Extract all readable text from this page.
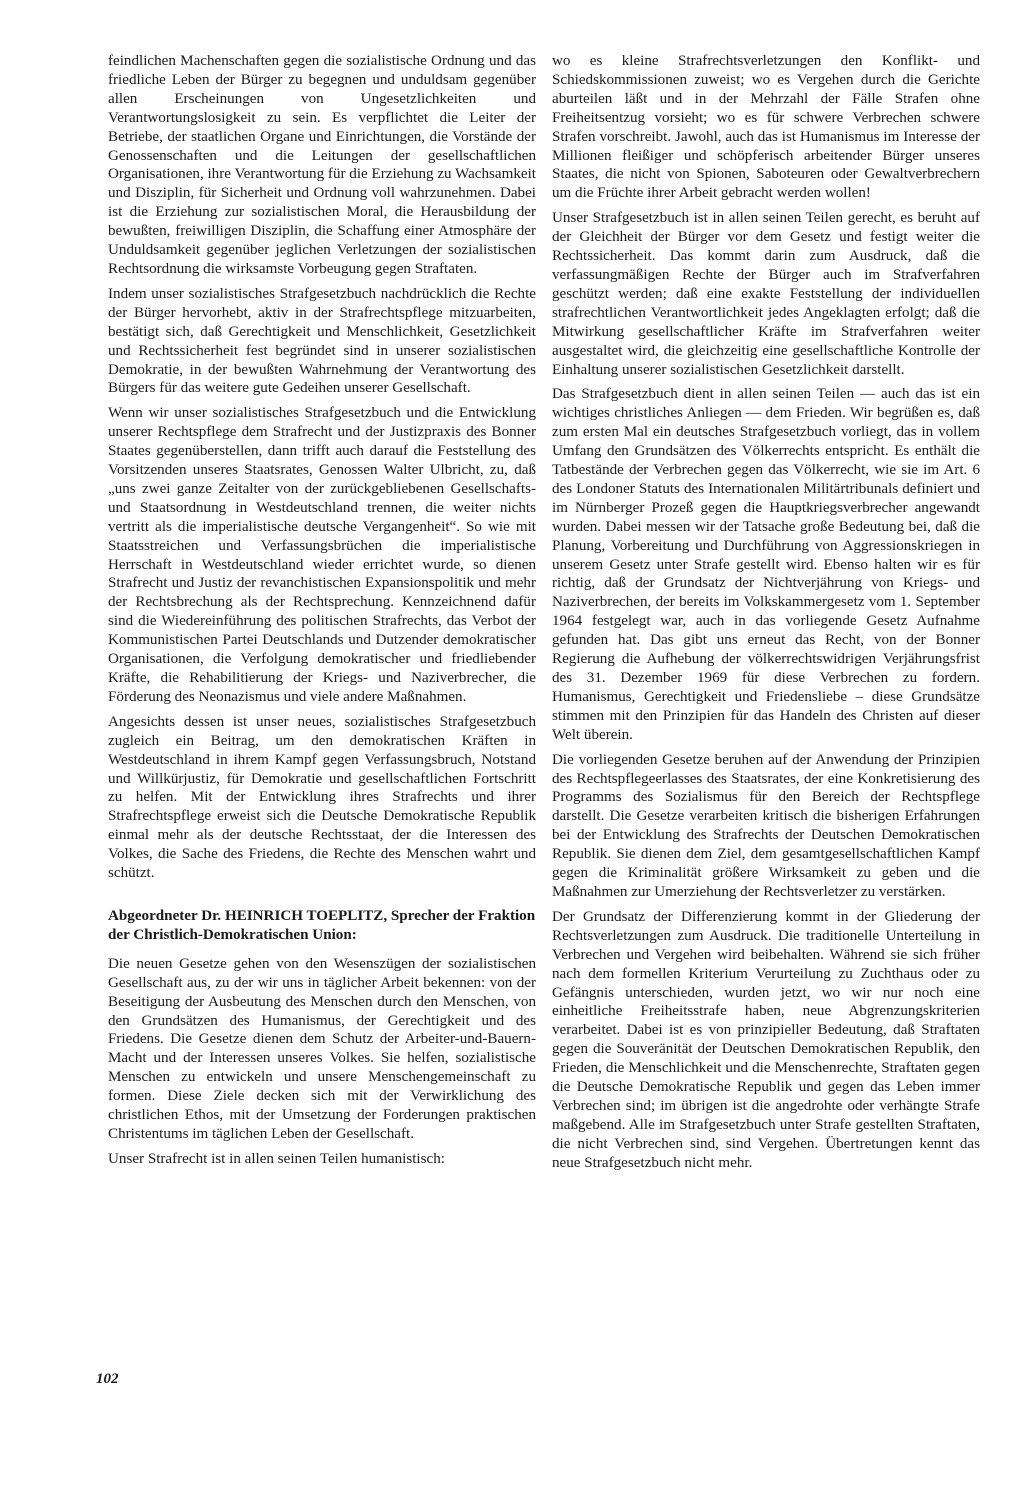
feindlichen Machenschaften gegen die sozialistische Ordnung und das friedliche Leben der Bürger zu begegnen und unduldsam gegenüber allen Erscheinungen von Ungesetzlichkeiten und Verantwortungslosigkeit zu sein. Es verpflichtet die Leiter der Betriebe, der staatlichen Organe und Einrichtungen, die Vorstände der Genossenschaften und die Leitungen der gesellschaftlichen Organisationen, ihre Verantwortung für die Erziehung zu Wachsamkeit und Disziplin, für Sicherheit und Ordnung voll wahrzunehmen. Dabei ist die Erziehung zur sozialistischen Moral, die Herausbildung der bewußten, freiwilligen Disziplin, die Schaffung einer Atmosphäre der Unduldsamkeit gegenüber jeglichen Verletzungen der sozialistischen Rechtsordnung die wirksamste Vorbeugung gegen Straftaten.

Indem unser sozialistisches Strafgesetzbuch nachdrücklich die Rechte der Bürger hervorhebt, aktiv in der Strafrechtspflege mitzuarbeiten, bestätigt sich, daß Gerechtigkeit und Menschlichkeit, Gesetzlichkeit und Rechtssicherheit fest begründet sind in unserer sozialistischen Demokratie, in der bewußten Wahrnehmung der Verantwortung des Bürgers für das weitere gute Gedeihen unserer Gesellschaft.

Wenn wir unser sozialistisches Strafgesetzbuch und die Entwicklung unserer Rechtspflege dem Strafrecht und der Justizpraxis des Bonner Staates gegenüberstellen, dann trifft auch darauf die Feststellung des Vorsitzenden unseres Staatsrates, Genossen Walter Ulbricht, zu, daß „uns zwei ganze Zeitalter von der zurückgebliebenen Gesellschafts- und Staatsordnung in Westdeutschland trennen, die weiter nichts vertritt als die imperialistische deutsche Vergangenheit“. So wie mit Staatsstreichen und Verfassungsbrüchen die imperialistische Herrschaft in Westdeutschland wieder errichtet wurde, so dienen Strafrecht und Justiz der revanchistischen Expansionspolitik und mehr der Rechtsbrechung als der Rechtsprechung. Kennzeichnend dafür sind die Wiedereinführung des politischen Strafrechts, das Verbot der Kommunistischen Partei Deutschlands und Dutzender demokratischer Organisationen, die Verfolgung demokratischer und friedliebender Kräfte, die Rehabilitierung der Kriegs- und Naziverbrecher, die Förderung des Neonazismus und viele andere Maßnahmen.

Angesichts dessen ist unser neues, sozialistisches Strafgesetzbuch zugleich ein Beitrag, um den demokratischen Kräften in Westdeutschland in ihrem Kampf gegen Verfassungsbruch, Notstand und Willkürjustiz, für Demokratie und gesellschaftlichen Fortschritt zu helfen. Mit der Entwicklung ihres Strafrechts und ihrer Strafrechtspflege erweist sich die Deutsche Demokratische Republik einmal mehr als der deutsche Rechtsstaat, der die Interessen des Volkes, die Sache des Friedens, die Rechte des Menschen wahrt und schützt.

Abgeordneter Dr. HEINRICH TOEPLITZ, Sprecher der Fraktion der Christlich-Demokratischen Union:

Die neuen Gesetze gehen von den Wesenszügen der sozialistischen Gesellschaft aus, zu der wir uns in täglicher Arbeit bekennen: von der Beseitigung der Ausbeutung des Menschen durch den Menschen, von den Grundsätzen des Humanismus, der Gerechtigkeit und des Friedens. Die Gesetze dienen dem Schutz der Arbeiter-und-Bauern-Macht und der Interessen unseres Volkes. Sie helfen, sozialistische Menschen zu entwickeln und unsere Menschengemeinschaft zu formen. Diese Ziele decken sich mit der Verwirklichung des christlichen Ethos, mit der Umsetzung der Forderungen praktischen Christentums im täglichen Leben der Gesellschaft.

Unser Strafrecht ist in allen seinen Teilen humanistisch:

wo es kleine Strafrechtsverletzungen den Konflikt- und Schiedskommissionen zuweist; wo es Vergehen durch die Gerichte aburteilen läßt und in der Mehrzahl der Fälle Strafen ohne Freiheitsentzug vorsieht; wo es für schwere Verbrechen schwere Strafen vorschreibt. Jawohl, auch das ist Humanismus im Interesse der Millionen fleißiger und schöpferisch arbeitender Bürger unseres Staates, die nicht von Spionen, Saboteuren oder Gewaltverbrechern um die Früchte ihrer Arbeit gebracht werden wollen!

Unser Strafgesetzbuch ist in allen seinen Teilen gerecht, es beruht auf der Gleichheit der Bürger vor dem Gesetz und festigt weiter die Rechtssicherheit. Das kommt darin zum Ausdruck, daß die verfassungmäßigen Rechte der Bürger auch im Strafverfahren geschützt werden; daß eine exakte Feststellung der individuellen strafrechtlichen Verantwortlichkeit jedes Angeklagten erfolgt; daß die Mitwirkung gesellschaftlicher Kräfte im Strafverfahren weiter ausgestaltet wird, die gleichzeitig eine gesellschaftliche Kontrolle der Einhaltung unserer sozialistischen Gesetzlichkeit darstellt.

Das Strafgesetzbuch dient in allen seinen Teilen — auch das ist ein wichtiges christliches Anliegen — dem Frieden. Wir begrüßen es, daß zum ersten Mal ein deutsches Strafgesetzbuch vorliegt, das in vollem Umfang den Grundsätzen des Völkerrechts entspricht. Es enthält die Tatbestände der Verbrechen gegen das Völkerrecht, wie sie im Art. 6 des Londoner Statuts des Internationalen Militärtribunals definiert und im Nürnberger Prozeß gegen die Hauptkriegsverbrecher angewandt wurden. Dabei messen wir der Tatsache große Bedeutung bei, daß die Planung, Vorbereitung und Durchführung von Aggressionskriegen in unserem Gesetz unter Strafe gestellt wird. Ebenso halten wir es für richtig, daß der Grundsatz der Nichtverjährung von Kriegs- und Naziverbrechen, der bereits im Volkskammergesetz vom 1. September 1964 festgelegt war, auch in das vorliegende Gesetz Aufnahme gefunden hat. Das gibt uns erneut das Recht, von der Bonner Regierung die Aufhebung der völkerrechtswidrigen Verjährungsfrist des 31. Dezember 1969 für diese Verbrechen zu fordern. Humanismus, Gerechtigkeit und Friedensliebe – diese Grundsätze stimmen mit den Prinzipien für das Handeln des Christen auf dieser Welt überein.

Die vorliegenden Gesetze beruhen auf der Anwendung der Prinzipien des Rechtspflegeerlasses des Staatsrates, der eine Konkretisierung des Programms des Sozialismus für den Bereich der Rechtspflege darstellt. Die Gesetze verarbeiten kritisch die bisherigen Erfahrungen bei der Entwicklung des Strafrechts der Deutschen Demokratischen Republik. Sie dienen dem Ziel, dem gesamtgesellschaftlichen Kampf gegen die Kriminalität größere Wirksamkeit zu geben und die Maßnahmen zur Umerziehung der Rechtsverletzer zu verstärken.

Der Grundsatz der Differenzierung kommt in der Gliederung der Rechtsverletzungen zum Ausdruck. Die traditionelle Unterteilung in Verbrechen und Vergehen wird beibehalten. Während sie sich früher nach dem formellen Kriterium Verurteilung zu Zuchthaus oder zu Gefängnis unterschieden, wurden jetzt, wo wir nur noch eine einheitliche Freiheitsstrafe haben, neue Abgrenzungskriterien verarbeitet. Dabei ist es von prinzipieller Bedeutung, daß Straftaten gegen die Souveränität der Deutschen Demokratischen Republik, den Frieden, die Menschlichkeit und die Menschenrechte, Straftaten gegen die Deutsche Demokratische Republik und gegen das Leben immer Verbrechen sind; im übrigen ist die angedrohte oder verhängte Strafe maßgebend. Alle im Strafgesetzbuch unter Strafe gestellten Straftaten, die nicht Verbrechen sind, sind Vergehen. Übertretungen kennt das neue Strafgesetzbuch nicht mehr.

102
